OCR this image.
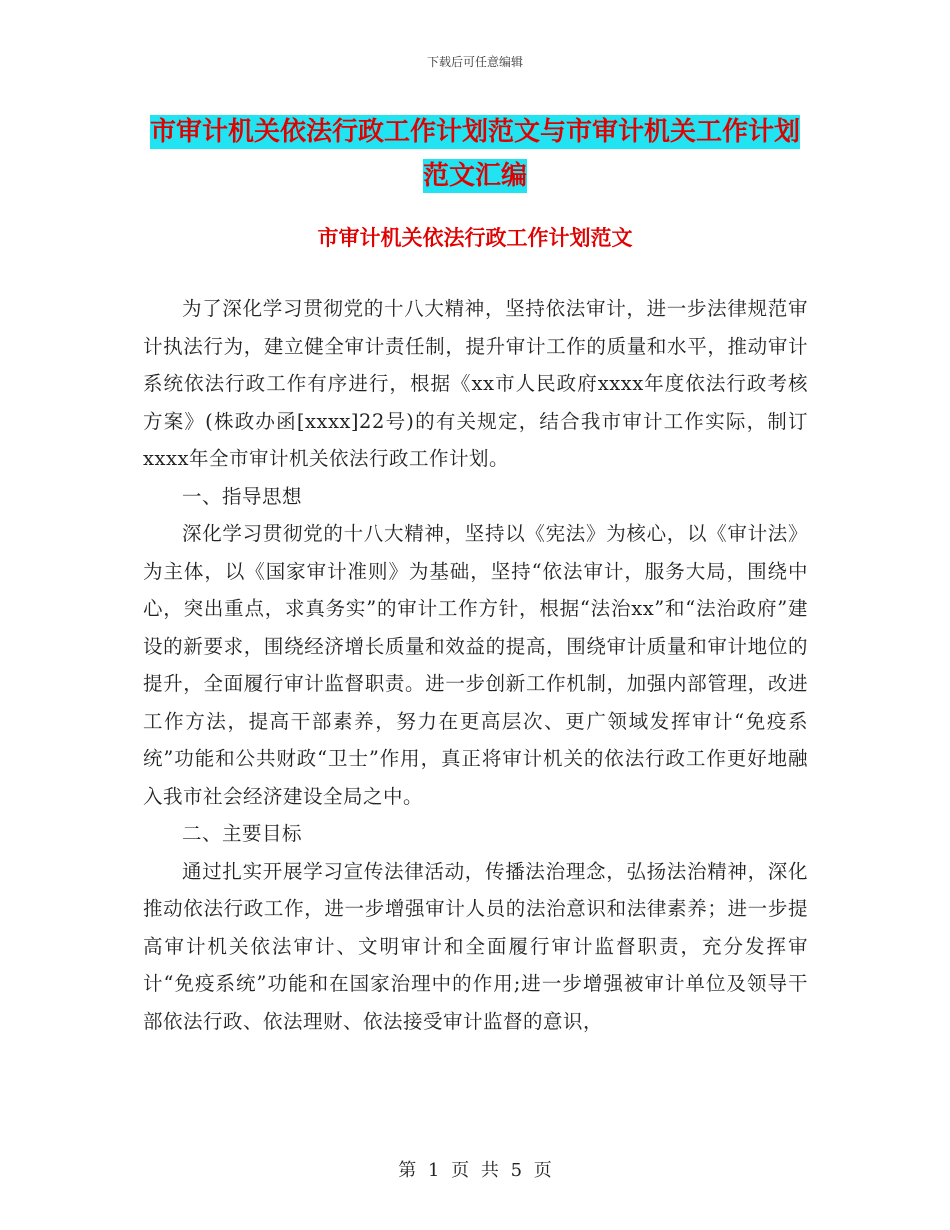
下载后可任意编辑
市审计机关依法行政工作计划范文与市审计机关工作计划范文汇编
市审计机关依法行政工作计划范文

为了深化学习贯彻党的十八大精神，坚持依法审计，进一步法律规范审计执法行为，建立健全审计责任制，提升审计工作的质量和水平，推动审计系统依法行政工作有序进行，根据《xx市人民政府xxxx年度依法行政考核方案》(株政办函[xxxx]22号)的有关规定，结合我市审计工作实际，制订xxxx年全市审计机关依法行政工作计划。

一、指导思想

深化学习贯彻党的十八大精神，坚持以《宪法》为核心，以《审计法》为主体，以《国家审计准则》为基础，坚持“依法审计，服务大局，围绕中心，突出重点，求真务实”的审计工作方针，根据“法治xx”和“法治政府”建设的新要求，围绕经济增长质量和效益的提高，围绕审计质量和审计地位的提升，全面履行审计监督职责。进一步创新工作机制，加强内部管理，改进工作方法，提高干部素养，努力在更高层次、更广领域发挥审计“免疫系统”功能和公共财政“卫士”作用，真正将审计机关的依法行政工作更好地融入我市社会经济建设全局之中。

二、主要目标

通过扎实开展学习宣传法律活动，传播法治理念，弘扬法治精神，深化推动依法行政工作，进一步增强审计人员的法治意识和法律素养；进一步提高审计机关依法审计、文明审计和全面履行审计监督职责，充分发挥审计“免疫系统”功能和在国家治理中的作用;进一步增强被审计单位及领导干部依法行政、依法理财、依法接受审计监督的意识，

第 1 页 共 5 页
